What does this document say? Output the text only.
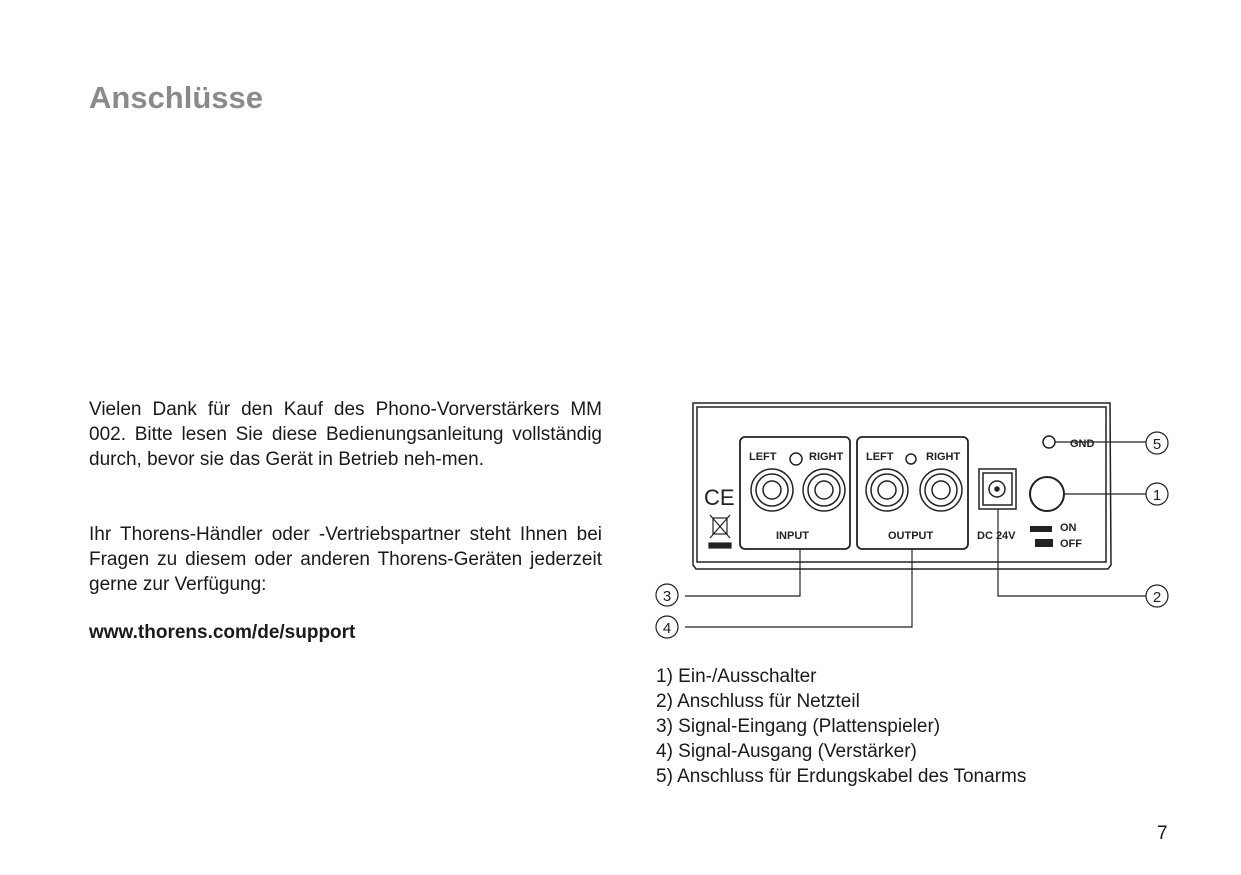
Anschlüsse

Vielen Dank für den Kauf des Phono-Vorverstärkers MM 002. Bitte lesen Sie diese Bedienungsanleitung vollständig durch, bevor sie das Gerät in Betrieb neh-men.

Ihr Thorens-Händler oder -Vertriebspartner steht Ihnen bei Fragen zu diesem oder anderen Thorens-Geräten jederzeit gerne zur Verfügung:

www.thorens.com/de/support
CE
LEFT	RIGHT
INPUT
LEFT	RIGHT
OUTPUT	DC 24V
ON
OFF
GND	5
1
2
3
4
1) Ein-/Ausschalter
2) Anschluss für Netzteil
3) Signal-Eingang (Plattenspieler)
4) Signal-Ausgang (Verstärker)
5) Anschluss für Erdungskabel des Tonarms
7
